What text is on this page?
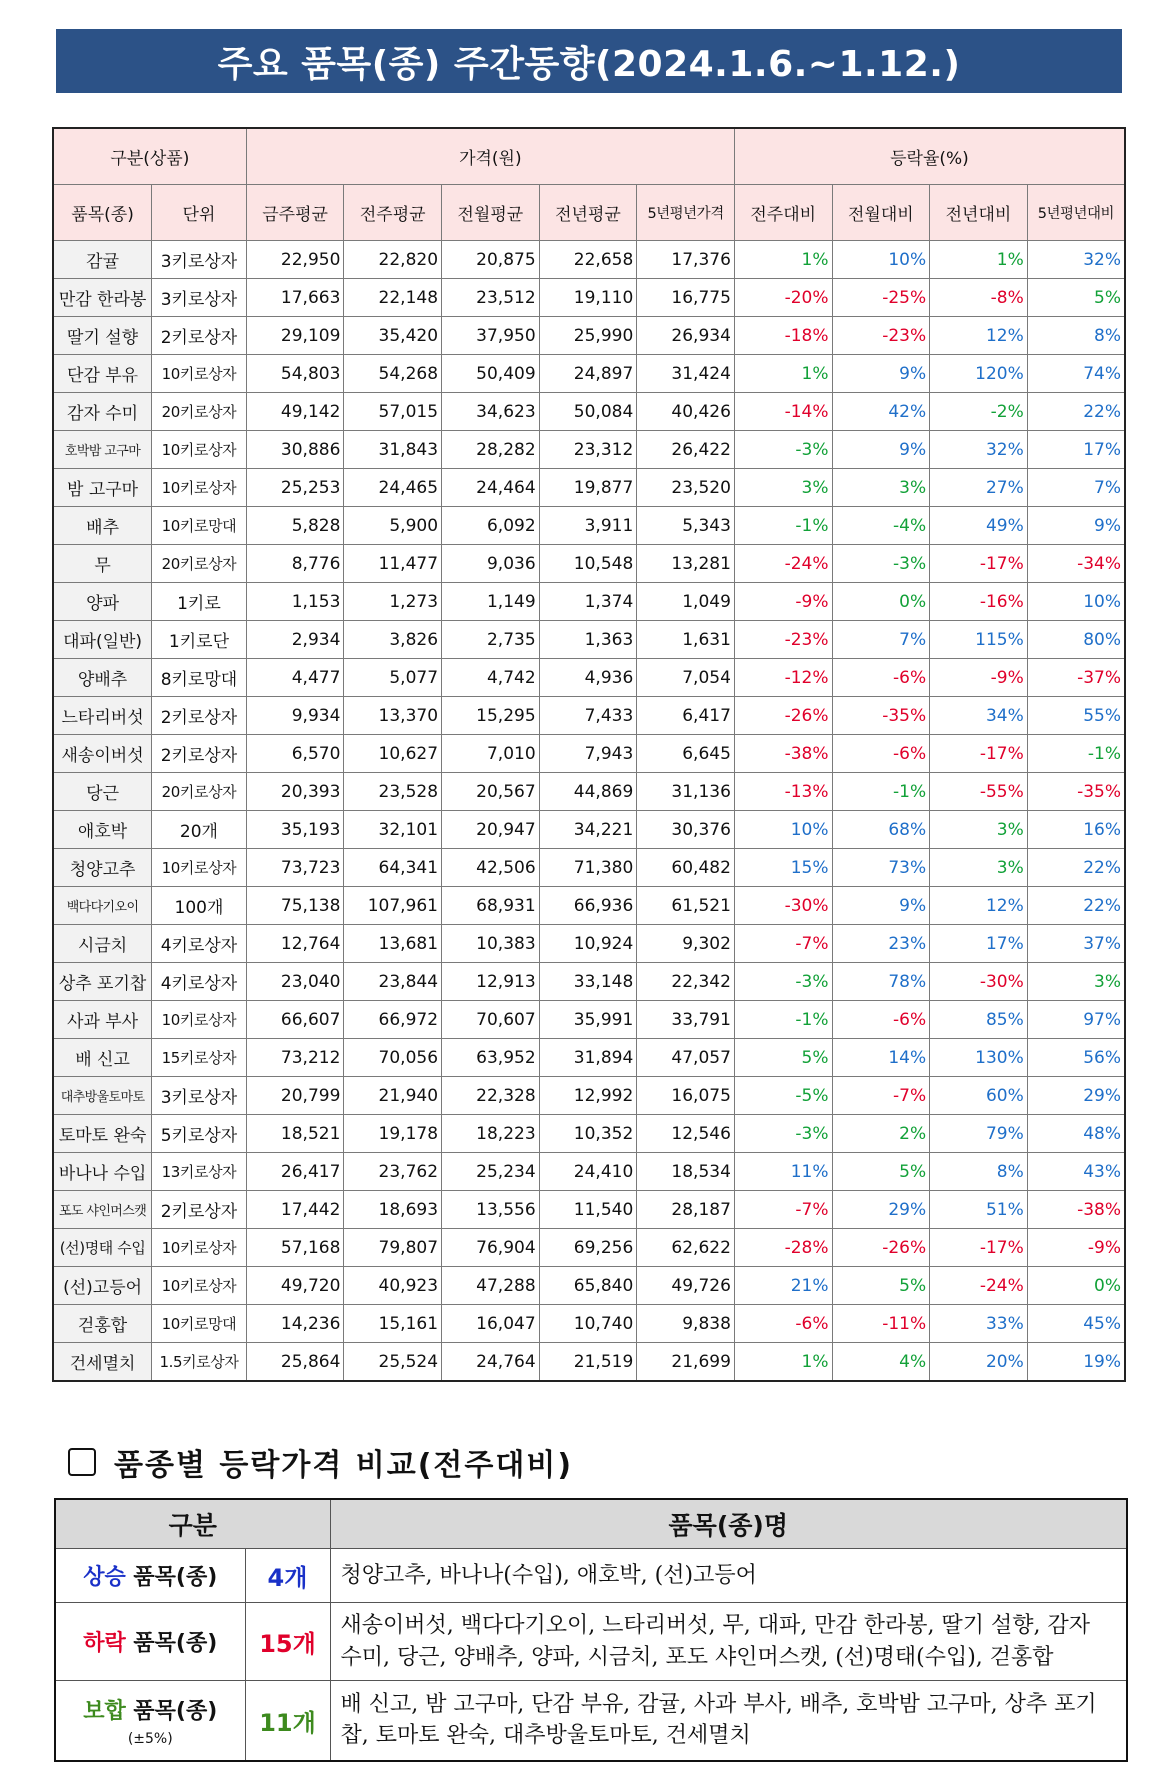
주요 품목(종) 주간동향(2024.1.6.~1.12.)
구분(상품)		가격(원)					등락율(%)			
품목(종)	단위	금주평균	전주평균	전월평균	전년평균	5년평년가격	전주대비	전월대비	전년대비	5년평년대비
감귤	3키로상자	22,950	22,820	20,875	22,658	17,376	1%	10%	1%	32%
만감 한라봉	3키로상자	17,663	22,148	23,512	19,110	16,775	-20%	-25%	-8%	5%
딸기 설향	2키로상자	29,109	35,420	37,950	25,990	26,934	-18%	-23%	12%	8%
단감 부유	10키로상자	54,803	54,268	50,409	24,897	31,424	1%	9%	120%	74%
감자 수미	20키로상자	49,142	57,015	34,623	50,084	40,426	-14%	42%	-2%	22%
호박밤 고구마	10키로상자	30,886	31,843	28,282	23,312	26,422	-3%	9%	32%	17%
밤 고구마	10키로상자	25,253	24,465	24,464	19,877	23,520	3%	3%	27%	7%
배추	10키로망대	5,828	5,900	6,092	3,911	5,343	-1%	-4%	49%	9%
무	20키로상자	8,776	11,477	9,036	10,548	13,281	-24%	-3%	-17%	-34%
양파	1키로	1,153	1,273	1,149	1,374	1,049	-9%	0%	-16%	10%
대파(일반)	1키로단	2,934	3,826	2,735	1,363	1,631	-23%	7%	115%	80%
양배추	8키로망대	4,477	5,077	4,742	4,936	7,054	-12%	-6%	-9%	-37%
느타리버섯	2키로상자	9,934	13,370	15,295	7,433	6,417	-26%	-35%	34%	55%
새송이버섯	2키로상자	6,570	10,627	7,010	7,943	6,645	-38%	-6%	-17%	-1%
당근	20키로상자	20,393	23,528	20,567	44,869	31,136	-13%	-1%	-55%	-35%
애호박	20개	35,193	32,101	20,947	34,221	30,376	10%	68%	3%	16%
청양고추	10키로상자	73,723	64,341	42,506	71,380	60,482	15%	73%	3%	22%
백다다기오이	100개	75,138	107,961	68,931	66,936	61,521	-30%	9%	12%	22%
시금치	4키로상자	12,764	13,681	10,383	10,924	9,302	-7%	23%	17%	37%
상추 포기찹	4키로상자	23,040	23,844	12,913	33,148	22,342	-3%	78%	-30%	3%
사과 부사	10키로상자	66,607	66,972	70,607	35,991	33,791	-1%	-6%	85%	97%
배 신고	15키로상자	73,212	70,056	63,952	31,894	47,057	5%	14%	130%	56%
대추방울토마토	3키로상자	20,799	21,940	22,328	12,992	16,075	-5%	-7%	60%	29%
토마토 완숙	5키로상자	18,521	19,178	18,223	10,352	12,546	-3%	2%	79%	48%
바나나 수입	13키로상자	26,417	23,762	25,234	24,410	18,534	11%	5%	8%	43%
포도 샤인머스캣	2키로상자	17,442	18,693	13,556	11,540	28,187	-7%	29%	51%	-38%
(선)명태 수입	10키로상자	57,168	79,807	76,904	69,256	62,622	-28%	-26%	-17%	-9%
(선)고등어	10키로상자	49,720	40,923	47,288	65,840	49,726	21%	5%	-24%	0%
걷홍합	10키로망대	14,236	15,161	16,047	10,740	9,838	-6%	-11%	33%	45%
건세멸치	1.5키로상자	25,864	25,524	24,764	21,519	21,699	1%	4%	20%	19%
품종별 등락가격 비교(전주대비)
구분		품목(종)명
상승 품목(종)	4개	청양고추, 바나나(수입), 애호박, (선)고등어
하락 품목(종)	15개	새송이버섯, 백다다기오이, 느타리버섯, 무, 대파, 만감 한라봉, 딸기 설향, 감자 수미, 당근, 양배추, 양파, 시금치, 포도 샤인머스캣, (선)명태(수입), 걷홍합
보합 품목(종)
(±5%)	11개	배 신고, 밤 고구마, 단감 부유, 감귤, 사과 부사, 배추, 호박밤 고구마, 상추 포기찹, 토마토 완숙, 대추방울토마토, 건세멸치
